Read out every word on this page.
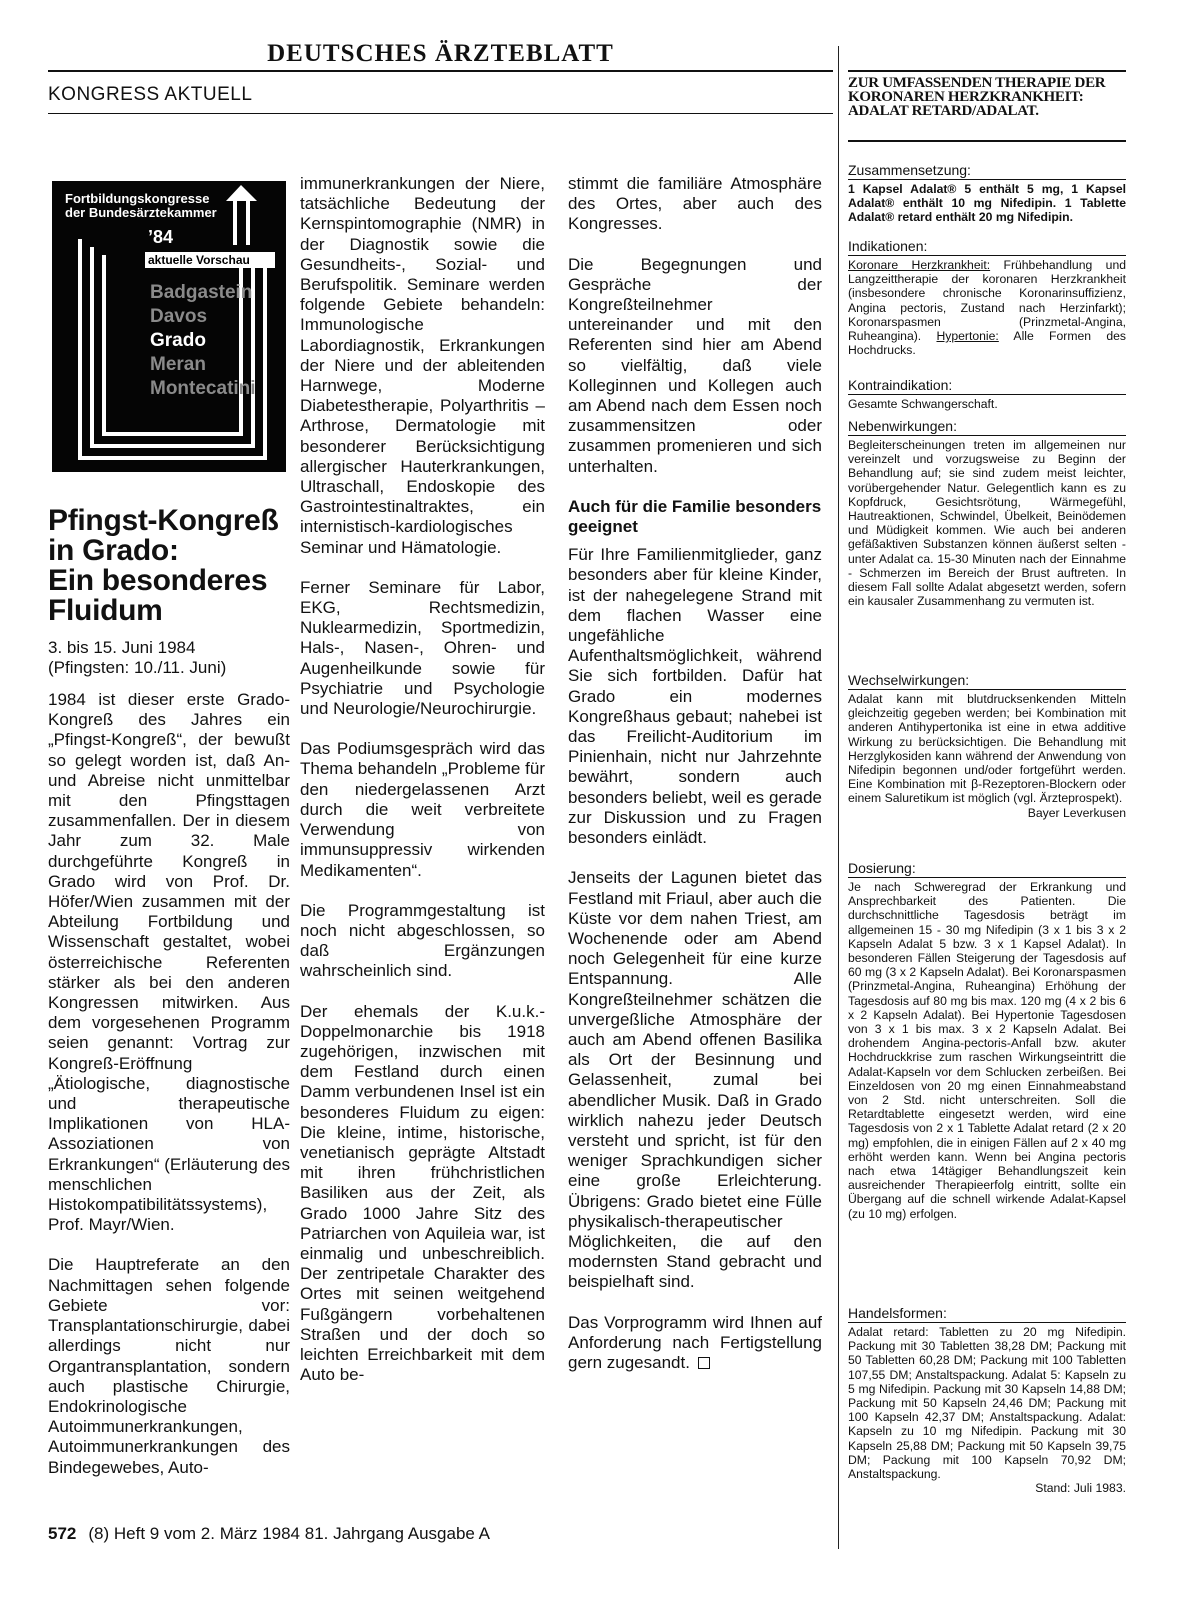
DEUTSCHES ÄRZTEBLATT
KONGRESS AKTUELL
Fortbildungskongresse der Bundesärztekammer
’84
aktuelle Vorschau
Badgastein
Davos
Grado
Meran
Montecatini
Pfingst-Kongreß
in Grado:
Ein besonderes
Fluidum
3. bis 15. Juni 1984
(Pfingsten: 10./11. Juni)

1984 ist dieser erste Grado-Kongreß des Jahres ein „Pfingst-Kongreß“, der bewußt so gelegt worden ist, daß An- und Abreise nicht unmittelbar mit den Pfingsttagen zusammenfallen. Der in diesem Jahr zum 32. Male durchgeführte Kongreß in Grado wird von Prof. Dr. Höfer/Wien zusammen mit der Abteilung Fortbildung und Wissenschaft gestaltet, wobei österreichische Referenten stärker als bei den anderen Kongressen mitwirken. Aus dem vorgesehenen Programm seien genannt: Vortrag zur Kongreß-Eröffnung „Ätiologische, diagnostische und therapeutische Implikationen von HLA-Assoziationen von Erkrankungen“ (Erläuterung des menschlichen Histokompatibilitätssystems), Prof. Mayr/Wien.

Die Hauptreferate an den Nachmittagen sehen folgende Gebiete vor: Transplantationschirurgie, dabei allerdings nicht nur Organtransplantation, sondern auch plastische Chirurgie, Endokrinologische Autoimmunerkrankungen, Autoimmunerkrankungen des Bindegewebes, Auto-

immunerkrankungen der Niere, tatsächliche Bedeutung der Kernspintomographie (NMR) in der Diagnostik sowie die Gesundheits-, Sozial- und Berufspolitik. Seminare werden folgende Gebiete behandeln: Immunologische Labordiagnostik, Erkrankungen der Niere und der ableitenden Harnwege, Moderne Diabetestherapie, Polyarthritis – Arthrose, Dermatologie mit besonderer Berücksichtigung allergischer Hauterkrankungen, Ultraschall, Endoskopie des Gastrointestinaltraktes, ein internistisch-kardiologisches Seminar und Hämatologie.

Ferner Seminare für Labor, EKG, Rechtsmedizin, Nuklearmedizin, Sportmedizin, Hals-, Nasen-, Ohren- und Augenheilkunde sowie für Psychiatrie und Psychologie und Neurologie/Neurochirurgie.

Das Podiumsgespräch wird das Thema behandeln „Probleme für den niedergelassenen Arzt durch die weit verbreitete Verwendung von immunsuppressiv wirkenden Medikamenten“.

Die Programmgestaltung ist noch nicht abgeschlossen, so daß Ergänzungen wahrscheinlich sind.

Der ehemals der K.u.k.-Doppelmonarchie bis 1918 zugehörigen, inzwischen mit dem Festland durch einen Damm verbundenen Insel ist ein besonderes Fluidum zu eigen: Die kleine, intime, historische, venetianisch geprägte Altstadt mit ihren frühchristlichen Basiliken aus der Zeit, als Grado 1000 Jahre Sitz des Patriarchen von Aquileia war, ist einmalig und unbeschreiblich. Der zentripetale Charakter des Ortes mit seinen weitgehend Fußgängern vorbehaltenen Straßen und der doch so leichten Erreichbarkeit mit dem Auto be-

stimmt die familiäre Atmosphäre des Ortes, aber auch des Kongresses.

Die Begegnungen und Gespräche der Kongreßteilnehmer untereinander und mit den Referenten sind hier am Abend so vielfältig, daß viele Kolleginnen und Kollegen auch am Abend nach dem Essen noch zusammensitzen oder zusammen promenieren und sich unterhalten.

Auch für die Familie besonders geeignet

Für Ihre Familienmitglieder, ganz besonders aber für kleine Kinder, ist der nahegelegene Strand mit dem flachen Wasser eine ungefähliche Aufenthaltsmöglichkeit, während Sie sich fortbilden. Dafür hat Grado ein modernes Kongreßhaus gebaut; nahebei ist das Freilicht-Auditorium im Pinienhain, nicht nur Jahrzehnte bewährt, sondern auch besonders beliebt, weil es gerade zur Diskussion und zu Fragen besonders einlädt.

Jenseits der Lagunen bietet das Festland mit Friaul, aber auch die Küste vor dem nahen Triest, am Wochenende oder am Abend noch Gelegenheit für eine kurze Entspannung. Alle Kongreßteilnehmer schätzen die unvergeßliche Atmosphäre der auch am Abend offenen Basilika als Ort der Besinnung und Gelassenheit, zumal bei abendlicher Musik. Daß in Grado wirklich nahezu jeder Deutsch versteht und spricht, ist für den weniger Sprachkundigen sicher eine große Erleichterung. Übrigens: Grado bietet eine Fülle physikalisch-therapeutischer Möglichkeiten, die auf den modernsten Stand gebracht und beispielhaft sind.

Das Vorprogramm wird Ihnen auf Anforderung nach Fertigstellung gern zugesandt.

572 (8) Heft 9 vom 2. März 1984 81. Jahrgang Ausgabe A
ZUR UMFASSENDEN THERAPIE DER KORONAREN HERZKRANKHEIT: ADALAT RETARD/ADALAT.
Zusammensetzung:
1 Kapsel Adalat® 5 enthält 5 mg, 1 Kapsel Adalat® enthält 10 mg Nifedipin. 1 Tablette Adalat® retard enthält 20 mg Nifedipin.
Indikationen:
Koronare Herzkrankheit: Frühbehandlung und Langzeittherapie der koronaren Herzkrankheit (insbesondere chronische Koronarinsuffizienz, Angina pectoris, Zustand nach Herzinfarkt); Koronarspasmen (Prinzmetal-Angina, Ruheangina). Hypertonie: Alle Formen des Hochdrucks.
Kontraindikation:
Gesamte Schwangerschaft.
Nebenwirkungen:
Begleiterscheinungen treten im allgemeinen nur vereinzelt und vorzugsweise zu Beginn der Behandlung auf; sie sind zudem meist leichter, vorübergehender Natur. Gelegentlich kann es zu Kopfdruck, Gesichtsrötung, Wärmegefühl, Hautreaktionen, Schwindel, Übelkeit, Beinödemen und Müdigkeit kommen. Wie auch bei anderen gefäßaktiven Substanzen können äußerst selten - unter Adalat ca. 15-30 Minuten nach der Einnahme - Schmerzen im Bereich der Brust auftreten. In diesem Fall sollte Adalat abgesetzt werden, sofern ein kausaler Zusammenhang zu vermuten ist.
Wechselwirkungen:
Adalat kann mit blutdrucksenkenden Mitteln gleichzeitig gegeben werden; bei Kombination mit anderen Antihypertonika ist eine in etwa additive Wirkung zu berücksichtigen. Die Behandlung mit Herzglykosiden kann während der Anwendung von Nifedipin begonnen und/oder fortgeführt werden. Eine Kombination mit β-Rezeptoren-Blockern oder einem Saluretikum ist möglich (vgl. Ärzteprospekt).
Bayer Leverkusen
Dosierung:
Je nach Schweregrad der Erkrankung und Ansprechbarkeit des Patienten. Die durchschnittliche Tagesdosis beträgt im allgemeinen 15 - 30 mg Nifedipin (3 x 1 bis 3 x 2 Kapseln Adalat 5 bzw. 3 x 1 Kapsel Adalat). In besonderen Fällen Steigerung der Tagesdosis auf 60 mg (3 x 2 Kapseln Adalat). Bei Koronarspasmen (Prinzmetal-Angina, Ruheangina) Erhöhung der Tagesdosis auf 80 mg bis max. 120 mg (4 x 2 bis 6 x 2 Kapseln Adalat). Bei Hypertonie Tagesdosen von 3 x 1 bis max. 3 x 2 Kapseln Adalat. Bei drohendem Angina-pectoris-Anfall bzw. akuter Hochdruckkrise zum raschen Wirkungseintritt die Adalat-Kapseln vor dem Schlucken zerbeißen. Bei Einzeldosen von 20 mg einen Einnahmeabstand von 2 Std. nicht unterschreiten. Soll die Retardtablette eingesetzt werden, wird eine Tagesdosis von 2 x 1 Tablette Adalat retard (2 x 20 mg) empfohlen, die in einigen Fällen auf 2 x 40 mg erhöht werden kann. Wenn bei Angina pectoris nach etwa 14tägiger Behandlungszeit kein ausreichender Therapieerfolg eintritt, sollte ein Übergang auf die schnell wirkende Adalat-Kapsel (zu 10 mg) erfolgen.
Handelsformen:
Adalat retard: Tabletten zu 20 mg Nifedipin. Packung mit 30 Tabletten 38,28 DM; Packung mit 50 Tabletten 60,28 DM; Packung mit 100 Tabletten 107,55 DM; Anstaltspackung. Adalat 5: Kapseln zu 5 mg Nifedipin. Packung mit 30 Kapseln 14,88 DM; Packung mit 50 Kapseln 24,46 DM; Packung mit 100 Kapseln 42,37 DM; Anstaltspackung. Adalat: Kapseln zu 10 mg Nifedipin. Packung mit 30 Kapseln 25,88 DM; Packung mit 50 Kapseln 39,75 DM; Packung mit 100 Kapseln 70,92 DM; Anstaltspackung.
Stand: Juli 1983.
